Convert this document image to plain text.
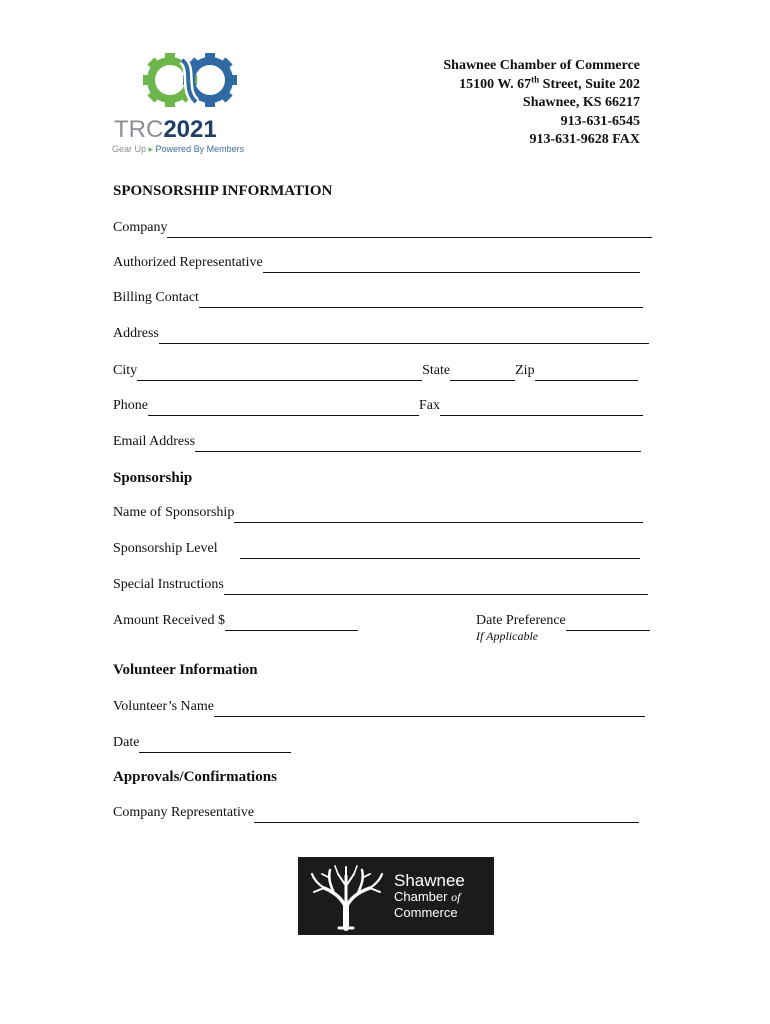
TRC2021
Gear Up ▸ Powered By Members
Shawnee Chamber of Commerce
15100 W. 67th Street, Suite 202
Shawnee, KS 66217
913-631-6545
913-631-9628 FAX
SPONSORSHIP INFORMATION
Company
Authorized Representative
Billing Contact
Address
City	State	Zip
Phone	Fax
Email Address
Sponsorship
Name of Sponsorship
Sponsorship Level
Special Instructions
Amount Received $	Date Preference
If Applicable
Volunteer Information
Volunteer’s Name
Date
Approvals/Confirmations
Company Representative
Shawnee
Chamber of
Commerce
